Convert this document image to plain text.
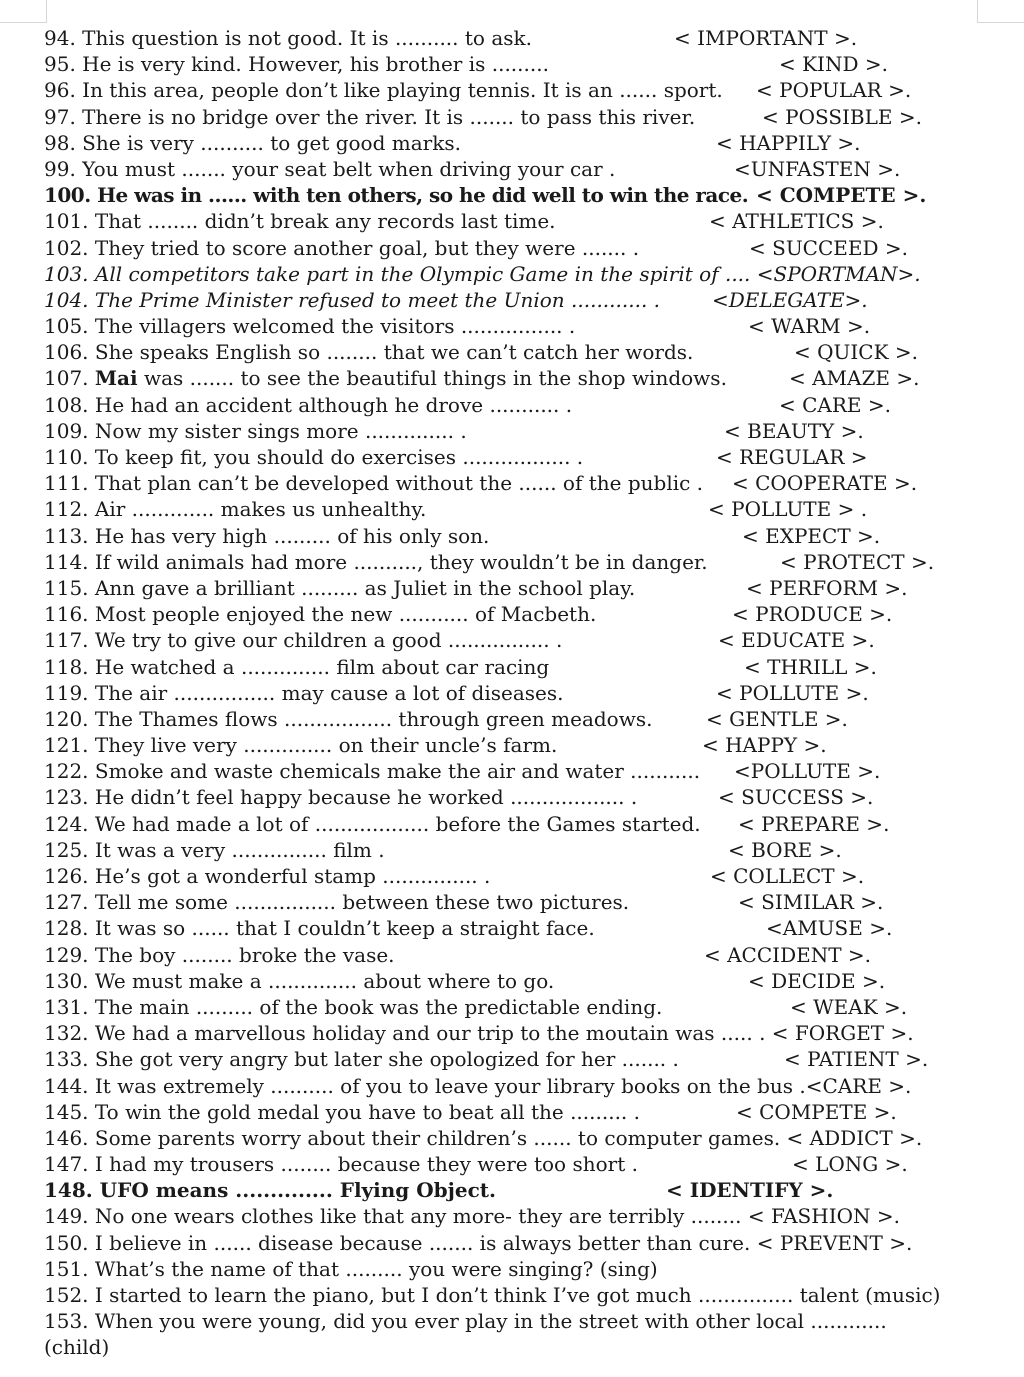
94. This question is not good. It is .......... to ask.	< IMPORTANT >.
95. He is very kind. However, his brother is .........	< KIND >.
96. In this area, people don’t like playing tennis. It is an ...... sport. < POPULAR >.
97. There is no bridge over the river. It is ....... to pass this river.	< POSSIBLE >.
98. She is very .......... to get good marks.	< HAPPILY >.
99. You must ....... your seat belt when driving your car .	<UNFASTEN >.
100. He was in ...... with ten others, so he did well to win the race. < COMPETE >.
101. That ........ didn’t break any records last time.	< ATHLETICS >.
102. They tried to score another goal, but they were ....... .	< SUCCEED >.
103. All competitors take part in the Olympic Game in the spirit of .... <SPORTMAN>.
104. The Prime Minister refused to meet the Union ............ .	<DELEGATE>.
105. The villagers welcomed the visitors ................ .	< WARM >.
106. She speaks English so ........ that we can’t catch her words.	< QUICK >.
107. Mai was ....... to see the beautiful things in the shop windows.	< AMAZE >.
108. He had an accident although he drove ........... .	< CARE >.
109. Now my sister sings more .............. .	< BEAUTY >.
110. To keep fit, you should do exercises ................. .	< REGULAR >
111. That plan can’t be developed without the ...... of the public . < COOPERATE >.
112. Air ............. makes us unhealthy.	< POLLUTE > .
113. He has very high ......... of his only son.	< EXPECT >.
114. If wild animals had more .........., they wouldn’t be in danger.	< PROTECT >.
115. Ann gave a brilliant ......... as Juliet in the school play.	< PERFORM >.
116. Most people enjoyed the new ........... of Macbeth.	< PRODUCE >.
117. We try to give our children a good ................ .	< EDUCATE >.
118. He watched a .............. film about car racing	< THRILL >.
119. The air ................ may cause a lot of diseases.	< POLLUTE >.
120. The Thames flows ................. through green meadows.	< GENTLE >.
121. They live very .............. on their uncle’s farm.	< HAPPY >.
122. Smoke and waste chemicals make the air and water ........... <POLLUTE >.
123. He didn’t feel happy because he worked .................. .	< SUCCESS >.
124. We had made a lot of .................. before the Games started. < PREPARE >.
125. It was a very ............... film .	< BORE >.
126. He’s got a wonderful stamp ............... .	< COLLECT >.
127. Tell me some ................ between these two pictures.	< SIMILAR >.
128. It was so ...... that I couldn’t keep a straight face.	<AMUSE >.
129. The boy ........ broke the vase.	< ACCIDENT >.
130. We must make a .............. about where to go.	< DECIDE >.
131. The main ......... of the book was the predictable ending.	< WEAK >.
132. We had a marvellous holiday and our trip to the moutain was ..... . < FORGET >.
133. She got very angry but later she opologized for her ....... .	< PATIENT >.
144. It was extremely .......... of you to leave your library books on the bus .<CARE >.
145. To win the gold medal you have to beat all the ......... .	< COMPETE >.
146. Some parents worry about their children’s ...... to computer games. < ADDICT >.
147. I had my trousers ........ because they were too short .	< LONG >.
148. UFO means .............. Flying Object.	< IDENTIFY >.
149. No one wears clothes like that any more- they are terribly ........ < FASHION >.
150. I believe in ...... disease because ....... is always better than cure. < PREVENT >.
151. What’s the name of that ......... you were singing? (sing)
152. I started to learn the piano, but I don’t think I’ve got much ............... talent (music)
153. When you were young, did you ever play in the street with other local ............
(child)
